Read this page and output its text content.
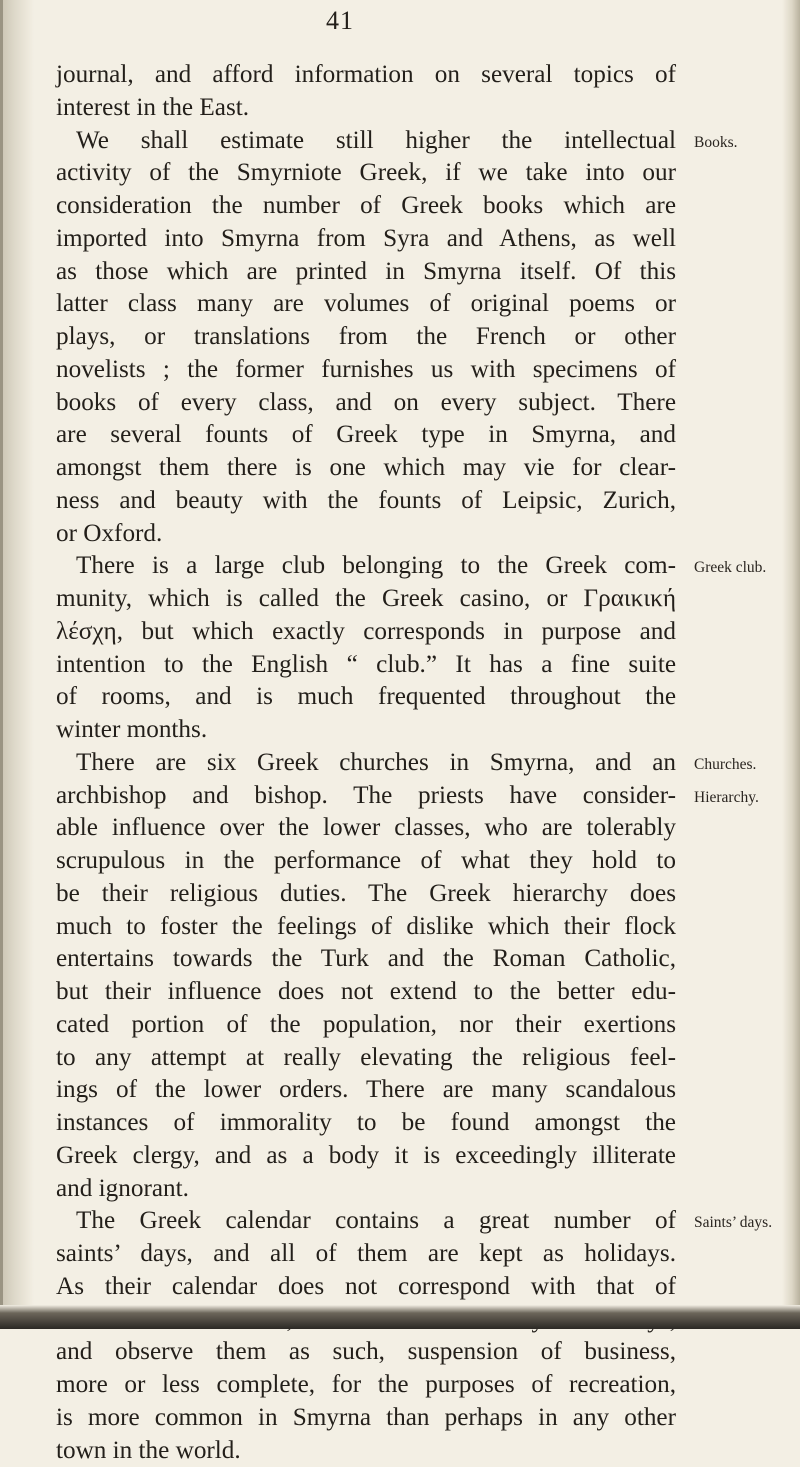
41
journal, and afford information on several topics of
interest in the East.
We shall estimate still higher the intellectual
activity of the Smyrniote Greek, if we take into our
consideration the number of Greek books which are
imported into Smyrna from Syra and Athens, as well
as those which are printed in Smyrna itself. Of this
latter class many are volumes of original poems or
plays, or translations from the French or other
novelists ; the former furnishes us with specimens of
books of every class, and on every subject. There
are several founts of Greek type in Smyrna, and
amongst them there is one which may vie for clear-
ness and beauty with the founts of Leipsic, Zurich,
or Oxford.
There is a large club belonging to the Greek com-
munity, which is called the Greek casino, or Γραικική
λέσχη, but which exactly corresponds in purpose and
intention to the English “ club.” It has a fine suite
of rooms, and is much frequented throughout the
winter months.
There are six Greek churches in Smyrna, and an
archbishop and bishop. The priests have consider-
able influence over the lower classes, who are tolerably
scrupulous in the performance of what they hold to
be their religious duties. The Greek hierarchy does
much to foster the feelings of dislike which their flock
entertains towards the Turk and the Roman Catholic,
but their influence does not extend to the better edu-
cated portion of the population, nor their exertions
to any attempt at really elevating the religious feel-
ings of the lower orders. There are many scandalous
instances of immorality to be found amongst the
Greek clergy, and as a body it is exceedingly illiterate
and ignorant.
The Greek calendar contains a great number of
saints’ days, and all of them are kept as holidays.
As their calendar does not correspond with that of
and observe them as such, suspension of business,
more or less complete, for the purposes of recreation,
is more common in Smyrna than perhaps in any other
town in the world.
Books.
Greek club.
Churches.
Hierarchy.
Saints’ days.
